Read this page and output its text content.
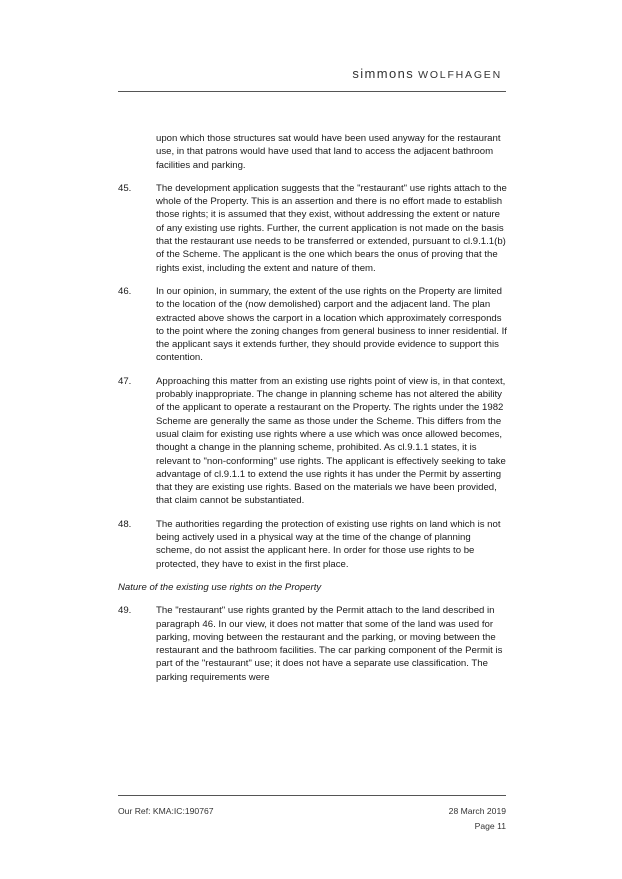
simmons WOLFHAGEN

upon which those structures sat would have been used anyway for the restaurant use, in that patrons would have used that land to access the adjacent bathroom facilities and parking.

45.	The development application suggests that the "restaurant" use rights attach to the whole of the Property. This is an assertion and there is no effort made to establish those rights; it is assumed that they exist, without addressing the extent or nature of any existing use rights. Further, the current application is not made on the basis that the restaurant use needs to be transferred or extended, pursuant to cl.9.1.1(b) of the Scheme. The applicant is the one which bears the onus of proving that the rights exist, including the extent and nature of them.
46.	In our opinion, in summary, the extent of the use rights on the Property are limited to the location of the (now demolished) carport and the adjacent land. The plan extracted above shows the carport in a location which approximately corresponds to the point where the zoning changes from general business to inner residential. If the applicant says it extends further, they should provide evidence to support this contention.
47.	Approaching this matter from an existing use rights point of view is, in that context, probably inappropriate. The change in planning scheme has not altered the ability of the applicant to operate a restaurant on the Property. The rights under the 1982 Scheme are generally the same as those under the Scheme. This differs from the usual claim for existing use rights where a use which was once allowed becomes, thought a change in the planning scheme, prohibited. As cl.9.1.1 states, it is relevant to "non-conforming" use rights. The applicant is effectively seeking to take advantage of cl.9.1.1 to extend the use rights it has under the Permit by asserting that they are existing use rights. Based on the materials we have been provided, that claim cannot be substantiated.
48.	The authorities regarding the protection of existing use rights on land which is not being actively used in a physical way at the time of the change of planning scheme, do not assist the applicant here. In order for those use rights to be protected, they have to exist in the first place.

Nature of the existing use rights on the Property

49.	The "restaurant" use rights granted by the Permit attach to the land described in paragraph 46. In our view, it does not matter that some of the land was used for parking, moving between the restaurant and the parking, or moving between the restaurant and the bathroom facilities. The car parking component of the Permit is part of the "restaurant" use; it does not have a separate use classification. The parking requirements were
Our Ref: KMA:IC:190767	28 March 2019
Page 11
